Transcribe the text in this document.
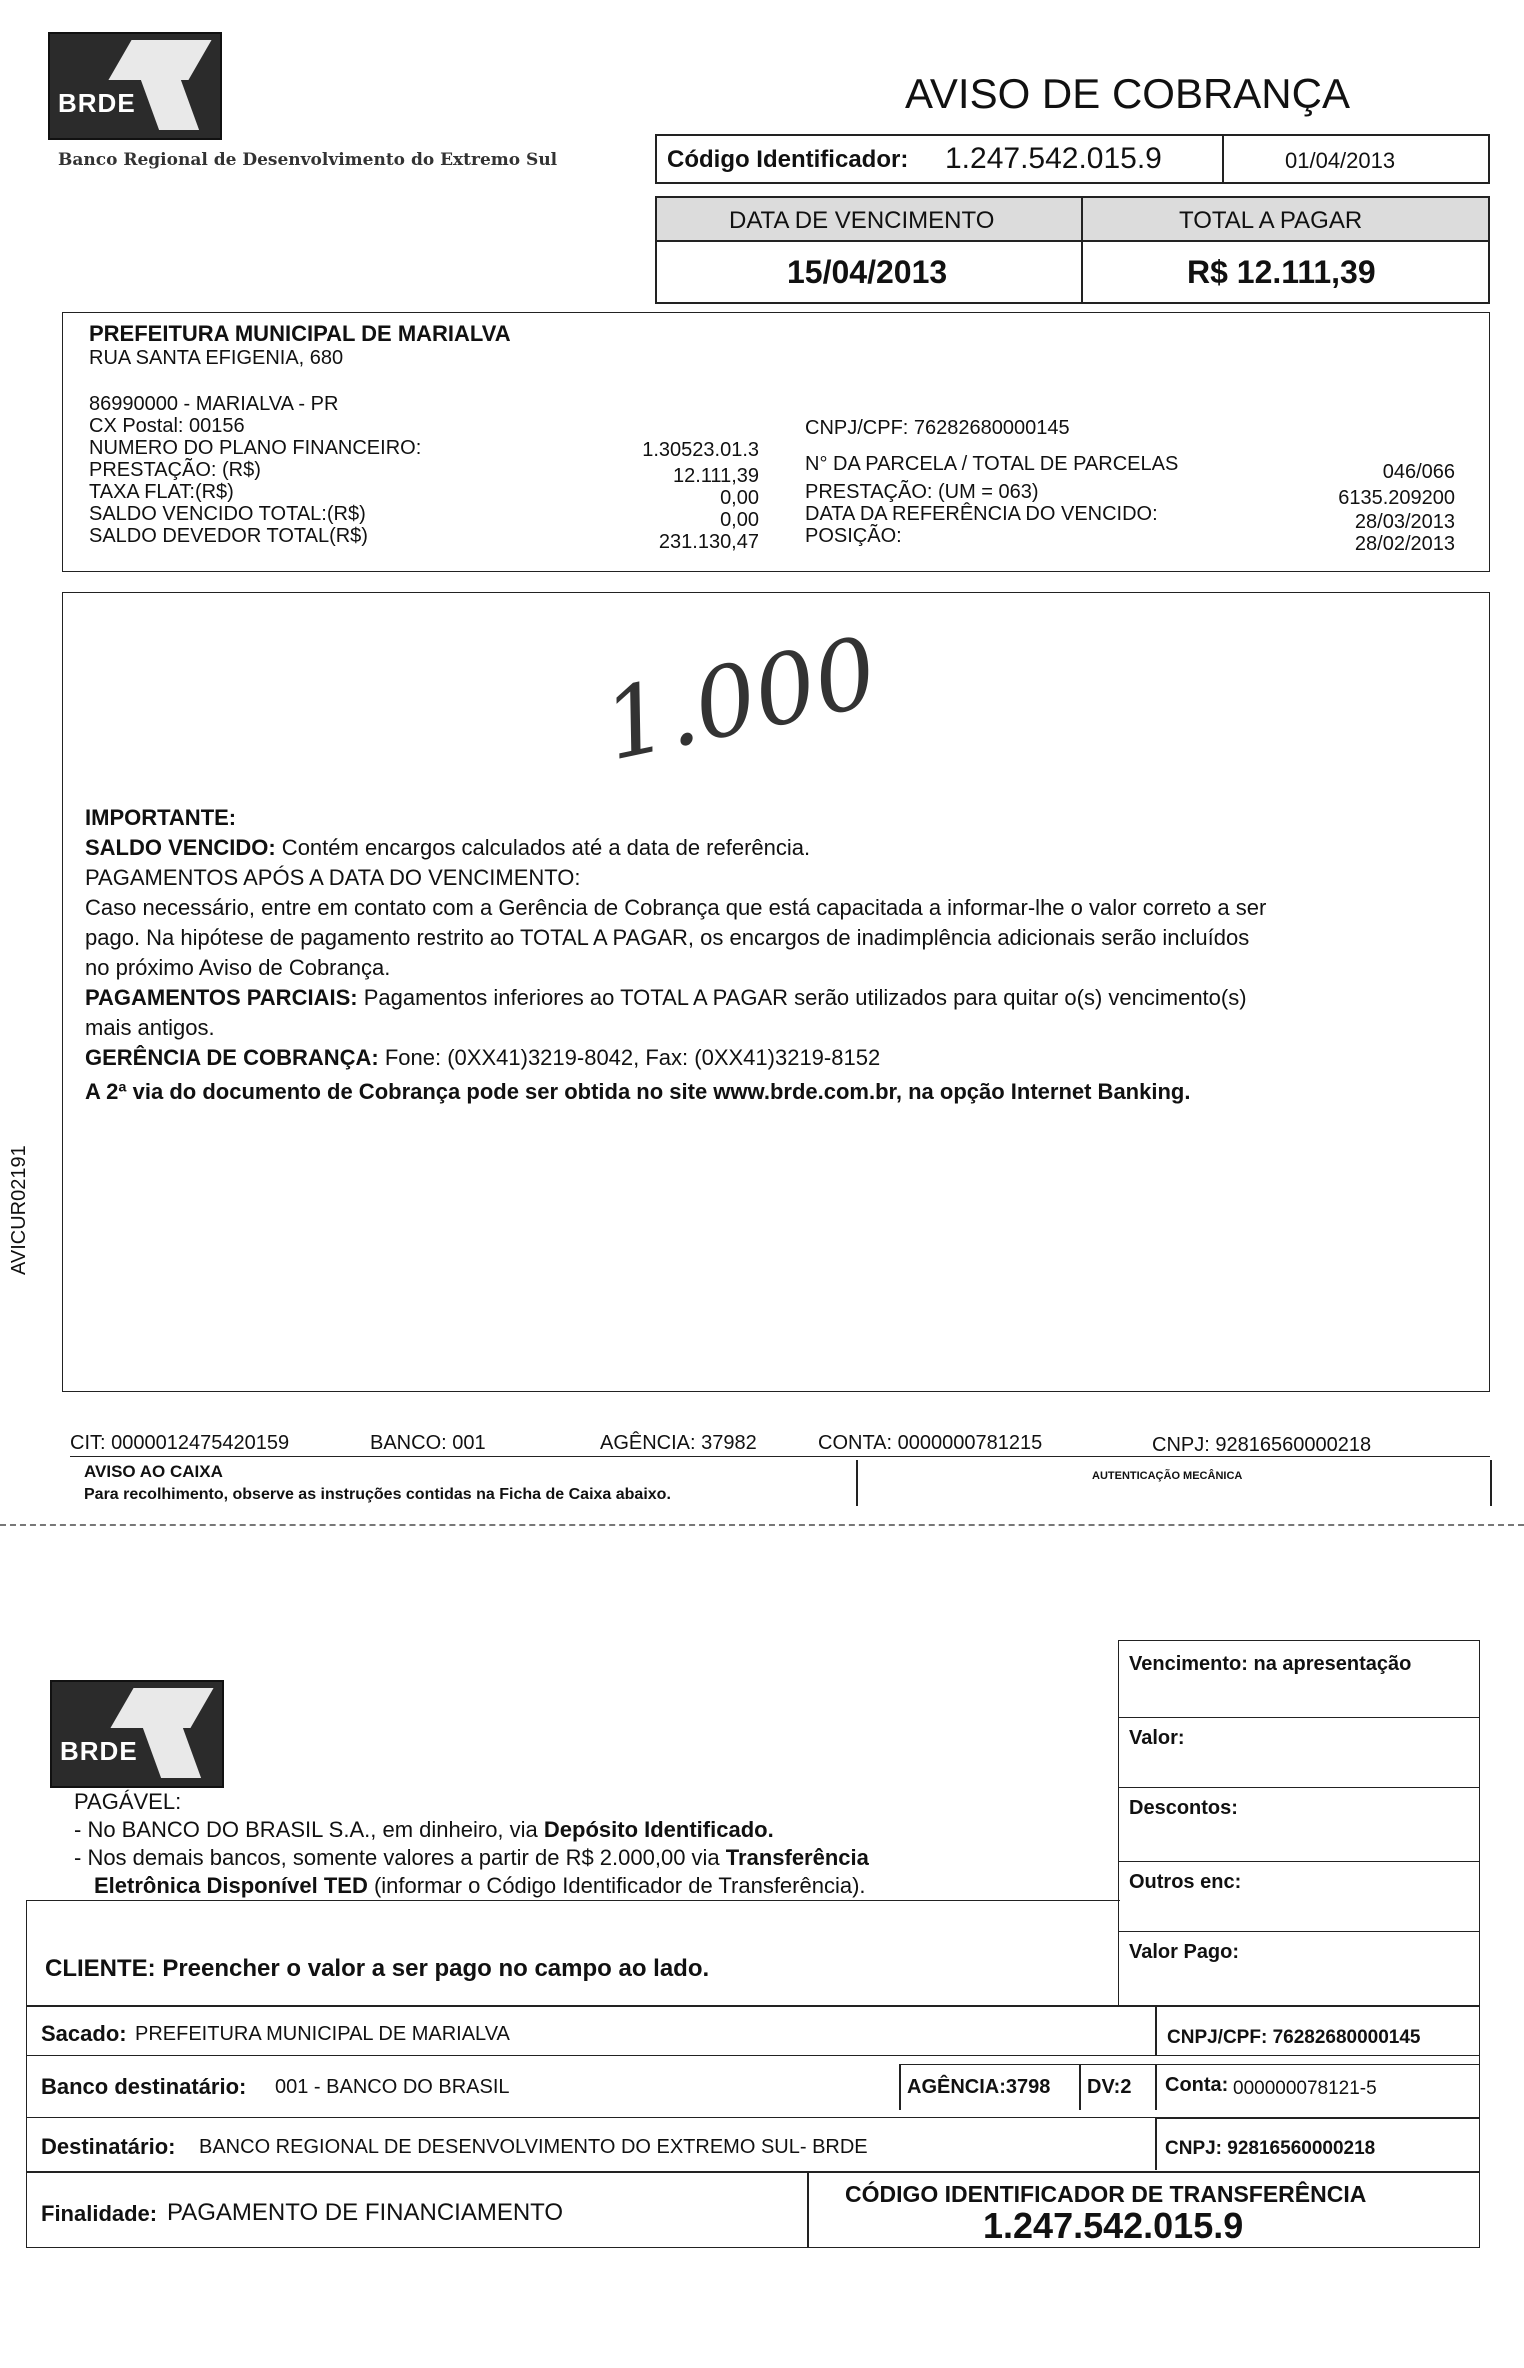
BRDE
Banco Regional de Desenvolvimento do Extremo Sul
AVISO DE COBRANÇA
Código Identificador: 1.247.542.015.9	01/04/2013
DATA DE VENCIMENTO	TOTAL A PAGAR
15/04/2013	R$ 12.111,39
PREFEITURA MUNICIPAL DE MARIALVA
RUA SANTA EFIGENIA, 680
86990000 - MARIALVA - PR
CX Postal: 00156
NUMERO DO PLANO FINANCEIRO:	1.30523.01.3
PRESTAÇÃO: (R$)	12.111,39
TAXA FLAT:(R$)	0,00
SALDO VENCIDO TOTAL:(R$)	0,00
SALDO DEVEDOR TOTAL(R$)	231.130,47
CNPJ/CPF: 76282680000145
N° DA PARCELA / TOTAL DE PARCELAS	046/066
PRESTAÇÃO: (UM = 063)	6135.209200
DATA DA REFERÊNCIA DO VENCIDO:	28/03/2013
POSIÇÃO:	28/02/2013
1.000
IMPORTANTE:
SALDO VENCIDO: Contém encargos calculados até a data de referência.
PAGAMENTOS APÓS A DATA DO VENCIMENTO:
Caso necessário, entre em contato com a Gerência de Cobrança que está capacitada a informar-lhe o valor correto a ser
pago. Na hipótese de pagamento restrito ao TOTAL A PAGAR, os encargos de inadimplência adicionais serão incluídos
no próximo Aviso de Cobrança.
PAGAMENTOS PARCIAIS: Pagamentos inferiores ao TOTAL A PAGAR serão utilizados para quitar o(s) vencimento(s)
mais antigos.
GERÊNCIA DE COBRANÇA: Fone: (0XX41)3219-8042, Fax: (0XX41)3219-8152
A 2ª via do documento de Cobrança pode ser obtida no site www.brde.com.br, na opção Internet Banking.
AVICUR02191
CIT: 0000012475420159	BANCO: 001	AGÊNCIA: 37982	CONTA: 0000000781215	CNPJ: 92816560000218
AVISO AO CAIXA
Para recolhimento, observe as instruções contidas na Ficha de Caixa abaixo.
AUTENTICAÇÃO MECÂNICA
BRDE
PAGÁVEL:
- No BANCO DO BRASIL S.A., em dinheiro, via Depósito Identificado.
- Nos demais bancos, somente valores a partir de R$ 2.000,00 via Transferência
Eletrônica Disponível TED (informar o Código Identificador de Transferência).
Vencimento: na apresentação
Valor:
Descontos:
Outros enc:
Valor Pago:
CLIENTE: Preencher o valor a ser pago no campo ao lado.
Sacado: PREFEITURA MUNICIPAL DE MARIALVA	CNPJ/CPF: 76282680000145
Banco destinatário: 001 - BANCO DO BRASIL	AGÊNCIA:3798 DV:2 Conta: 000000078121-5
Destinatário: BANCO REGIONAL DE DESENVOLVIMENTO DO EXTREMO SUL- BRDE	CNPJ: 92816560000218
Finalidade: PAGAMENTO DE FINANCIAMENTO
CÓDIGO IDENTIFICADOR DE TRANSFERÊNCIA
1.247.542.015.9
